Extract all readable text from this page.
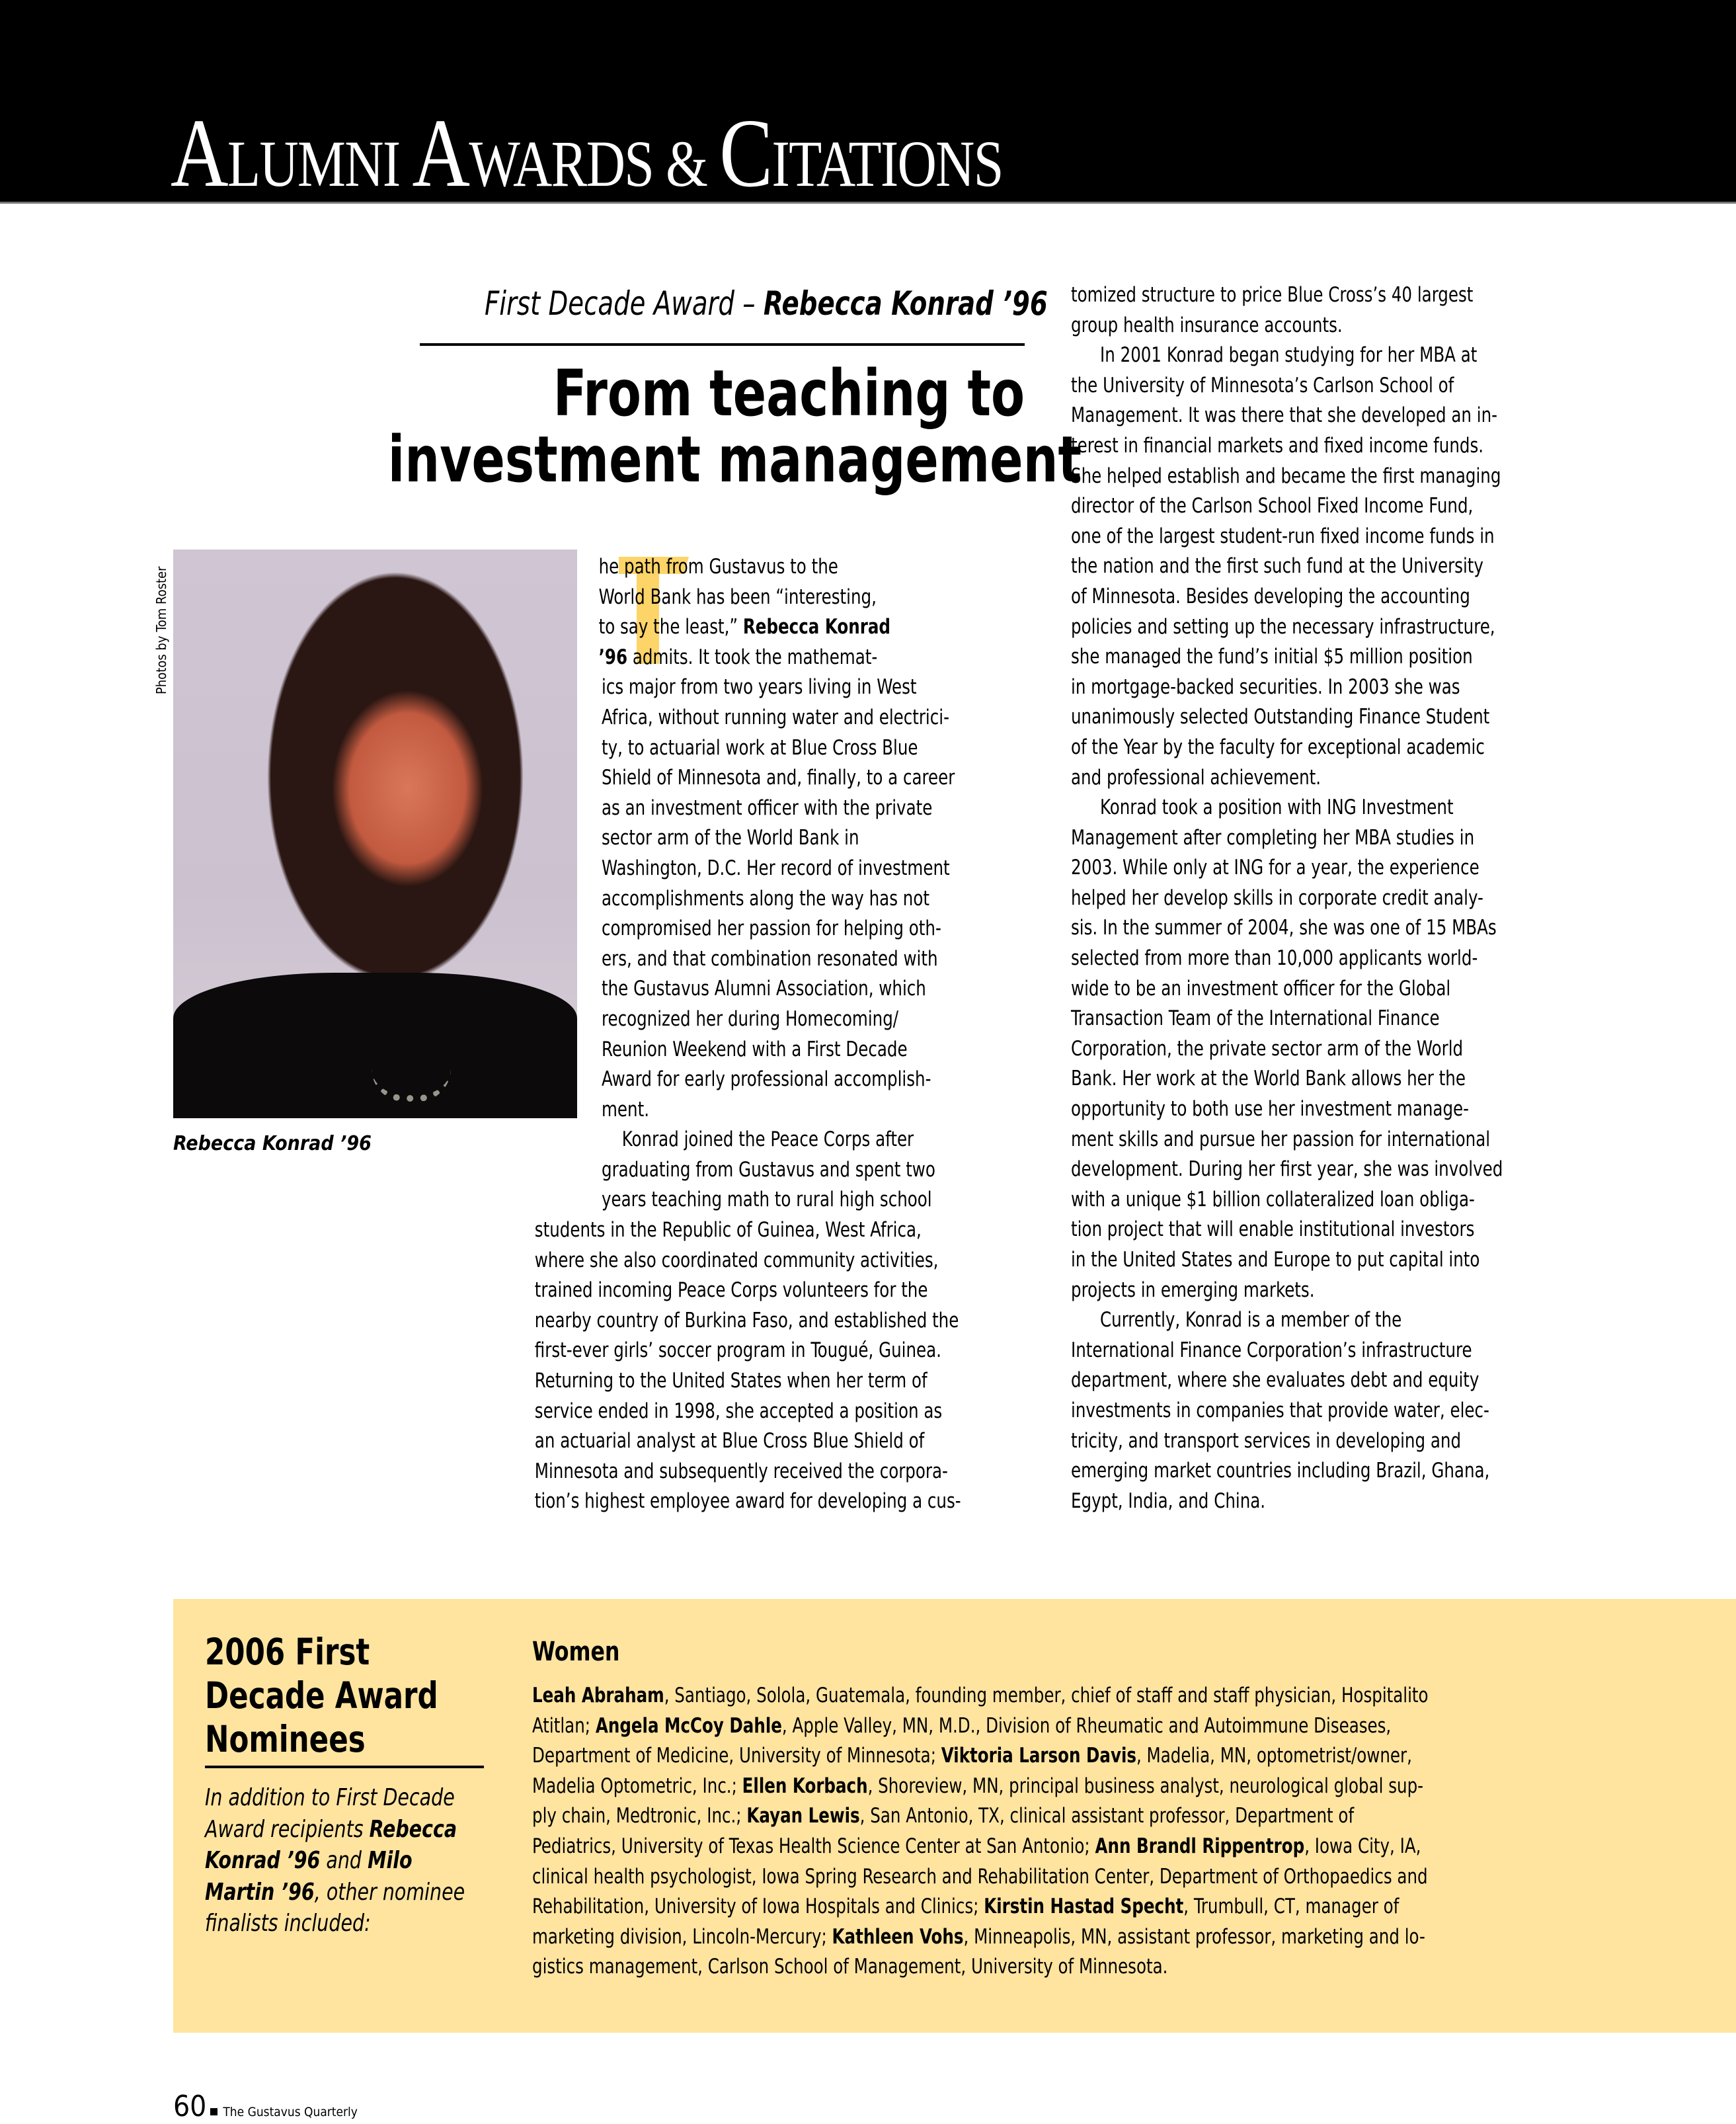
ALUMNI AWARDS & CITATIONS
First Decade Award – Rebecca Konrad ’96
From teaching to
investment management
Photos by Tom Roster
Rebecca Konrad ’96
he path from Gustavus to the
World Bank has been “interesting,
to say the least,” Rebecca Konrad
’96 admits. It took the mathemat-
ics major from two years living in West
Africa, without running water and electrici-
ty, to actuarial work at Blue Cross Blue
Shield of Minnesota and, finally, to a career
as an investment officer with the private
sector arm of the World Bank in
Washington, D.C. Her record of investment
accomplishments along the way has not
compromised her passion for helping oth-
ers, and that combination resonated with
the Gustavus Alumni Association, which
recognized her during Homecoming/
Reunion Weekend with a First Decade
Award for early professional accomplish-
ment.
Konrad joined the Peace Corps after
graduating from Gustavus and spent two
years teaching math to rural high school
students in the Republic of Guinea, West Africa,
where she also coordinated community activities,
trained incoming Peace Corps volunteers for the
nearby country of Burkina Faso, and established the
first-ever girls’ soccer program in Tougué, Guinea.
Returning to the United States when her term of
service ended in 1998, she accepted a position as
an actuarial analyst at Blue Cross Blue Shield of
Minnesota and subsequently received the corpora-
tion’s highest employee award for developing a cus-
tomized structure to price Blue Cross’s 40 largest
group health insurance accounts.
In 2001 Konrad began studying for her MBA at
the University of Minnesota’s Carlson School of
Management. It was there that she developed an in-
terest in financial markets and fixed income funds.
She helped establish and became the first managing
director of the Carlson School Fixed Income Fund,
one of the largest student-run fixed income funds in
the nation and the first such fund at the University
of Minnesota. Besides developing the accounting
policies and setting up the necessary infrastructure,
she managed the fund’s initial $5 million position
in mortgage-backed securities. In 2003 she was
unanimously selected Outstanding Finance Student
of the Year by the faculty for exceptional academic
and professional achievement.
Konrad took a position with ING Investment
Management after completing her MBA studies in
2003. While only at ING for a year, the experience
helped her develop skills in corporate credit analy-
sis. In the summer of 2004, she was one of 15 MBAs
selected from more than 10,000 applicants world-
wide to be an investment officer for the Global
Transaction Team of the International Finance
Corporation, the private sector arm of the World
Bank. Her work at the World Bank allows her the
opportunity to both use her investment manage-
ment skills and pursue her passion for international
development. During her first year, she was involved
with a unique $1 billion collateralized loan obliga-
tion project that will enable institutional investors
in the United States and Europe to put capital into
projects in emerging markets.
Currently, Konrad is a member of the
International Finance Corporation’s infrastructure
department, where she evaluates debt and equity
investments in companies that provide water, elec-
tricity, and transport services in developing and
emerging market countries including Brazil, Ghana,
Egypt, India, and China.
2006 First
Decade Award
Nominees
In addition to First Decade
Award recipients Rebecca
Konrad ’96 and Milo
Martin ’96, other nominee
finalists included:
Women
Leah Abraham, Santiago, Solola, Guatemala, founding member, chief of staff and staff physician, Hospitalito
Atitlan; Angela McCoy Dahle, Apple Valley, MN, M.D., Division of Rheumatic and Autoimmune Diseases,
Department of Medicine, University of Minnesota; Viktoria Larson Davis, Madelia, MN, optometrist/owner,
Madelia Optometric, Inc.; Ellen Korbach, Shoreview, MN, principal business analyst, neurological global sup-
ply chain, Medtronic, Inc.; Kayan Lewis, San Antonio, TX, clinical assistant professor, Department of
Pediatrics, University of Texas Health Science Center at San Antonio; Ann Brandl Rippentrop, Iowa City, IA,
clinical health psychologist, Iowa Spring Research and Rehabilitation Center, Department of Orthopaedics and
Rehabilitation, University of Iowa Hospitals and Clinics; Kirstin Hastad Specht, Trumbull, CT, manager of
marketing division, Lincoln-Mercury; Kathleen Vohs, Minneapolis, MN, assistant professor, marketing and lo-
gistics management, Carlson School of Management, University of Minnesota.
60 The Gustavus Quarterly
